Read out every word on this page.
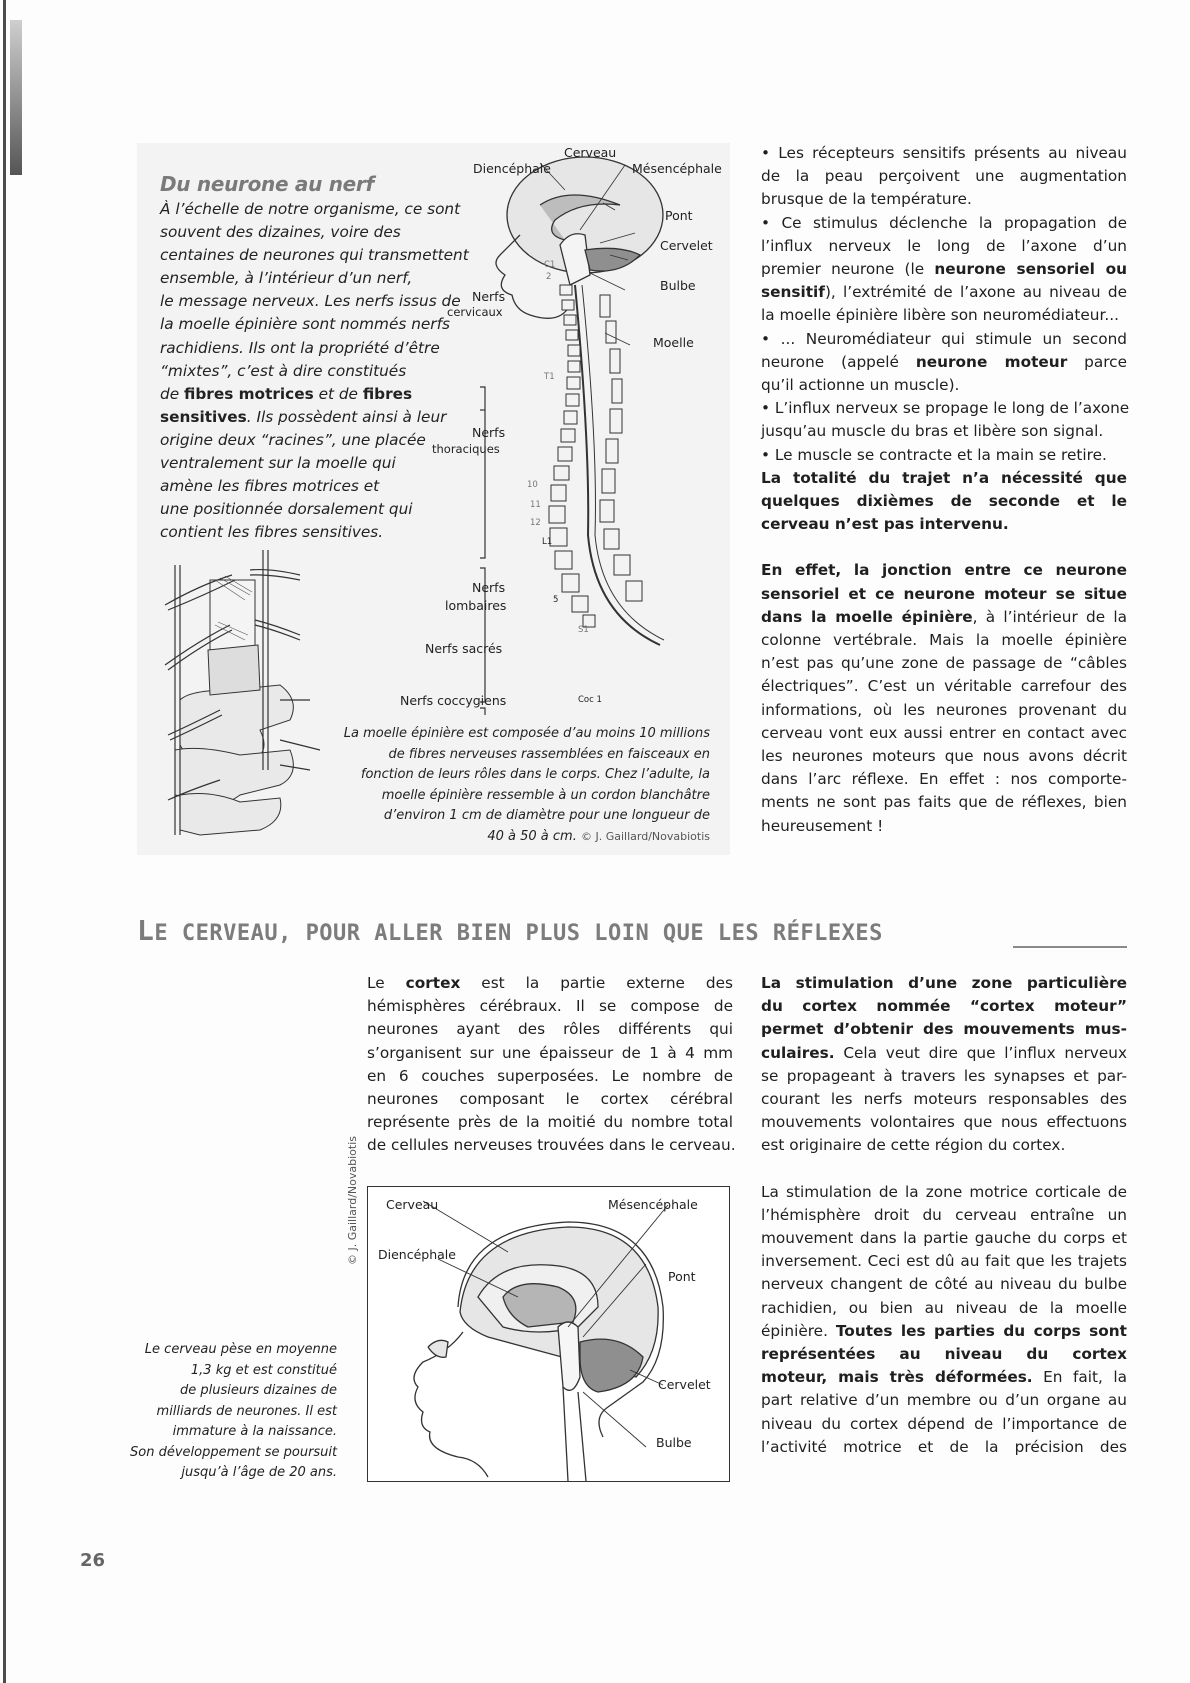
Du neurone au nerf
À l’échelle de notre organisme, ce sont
souvent des dizaines, voire des
centaines de neurones qui transmettent
ensemble, à l’intérieur d’un nerf,
le message nerveux. Les nerfs issus de
la moelle épinière sont nommés nerfs
rachidiens. Ils ont la propriété d’être
“mixtes”, c’est à dire constitués
de fibres motrices et de fibres
sensitives. Ils possèdent ainsi à leur
origine deux “racines”, une placée
ventralement sur la moelle qui
amène les fibres motrices et
une positionnée dorsalement qui
contient les fibres sensitives.
Cerveau
Diencéphale	Mésencéphale
Pont
Cervelet
Bulbe
Moelle
Nerfs
cervicaux
Nerfs
thoraciques
Nerfs
lombaires
Nerfs sacrés
Nerfs coccygiens
C1
2
T1
10
11
12
L1
5
S1
Coc 1
La moelle épinière est composée d’au moins 10 millions
de fibres nerveuses rassemblées en faisceaux en
fonction de leurs rôles dans le corps. Chez l’adulte, la
moelle épinière ressemble à un cordon blanchâtre
d’environ 1 cm de diamètre pour une longueur de
40 à 50 à cm. © J. Gaillard/Novabiotis
• Les récepteurs sensitifs présents au niveau
de la peau perçoivent une augmentation
brusque de la température.
• Ce stimulus déclenche la propagation de
l’influx nerveux le long de l’axone d’un
premier neurone (le neurone sensoriel ou
sensitif), l’extrémité de l’axone au niveau de
la moelle épinière libère son neuromédiateur...
• ... Neuromédiateur qui stimule un second
neurone (appelé neurone moteur parce
qu’il actionne un muscle).
• L’influx nerveux se propage le long de l’axone
jusqu’au muscle du bras et libère son signal.
• Le muscle se contracte et la main se retire.
La totalité du trajet n’a nécessité que
quelques dixièmes de seconde et le
cerveau n’est pas intervenu.
En effet, la jonction entre ce neurone
sensoriel et ce neurone moteur se situe
dans la moelle épinière, à l’intérieur de la
colonne vertébrale. Mais la moelle épinière
n’est pas qu’une zone de passage de “câbles
électriques”. C’est un véritable carrefour des
informations, où les neurones provenant du
cerveau vont eux aussi entrer en contact avec
les neurones moteurs que nous avons décrit
dans l’arc réflexe. En effet : nos comporte-
ments ne sont pas faits que de réflexes, bien
heureusement !
LE CERVEAU, POUR ALLER BIEN PLUS LOIN QUE LES RÉFLEXES
Le cortex est la partie externe des
hémisphères cérébraux. Il se compose de
neurones ayant des rôles différents qui
s’organisent sur une épaisseur de 1 à 4 mm
en 6 couches superposées. Le nombre de
neurones composant le cortex cérébral
représente près de la moitié du nombre total
de cellules nerveuses trouvées dans le cerveau.
La stimulation d’une zone particulière
du cortex nommée “cortex moteur”
permet d’obtenir des mouvements mus-
culaires. Cela veut dire que l’influx nerveux
se propageant à travers les synapses et par-
courant les nerfs moteurs responsables des
mouvements volontaires que nous effectuons
est originaire de cette région du cortex.
La stimulation de la zone motrice corticale de
l’hémisphère droit du cerveau entraîne un
mouvement dans la partie gauche du corps et
inversement. Ceci est dû au fait que les trajets
nerveux changent de côté au niveau du bulbe
rachidien, ou bien au niveau de la moelle
épinière. Toutes les parties du corps sont
représentées au niveau du cortex
moteur, mais très déformées. En fait, la
part relative d’un membre ou d’un organe au
niveau du cortex dépend de l’importance de
l’activité motrice et de la précision des
© J. Gaillard/Novabiotis Cerveau	Mésencéphale
Diencéphale
Pont
Cervelet
Bulbe
Le cerveau pèse en moyenne
1,3 kg et est constitué
de plusieurs dizaines de
milliards de neurones. Il est
immature à la naissance.
Son développement se poursuit
jusqu’à l’âge de 20 ans.
26
